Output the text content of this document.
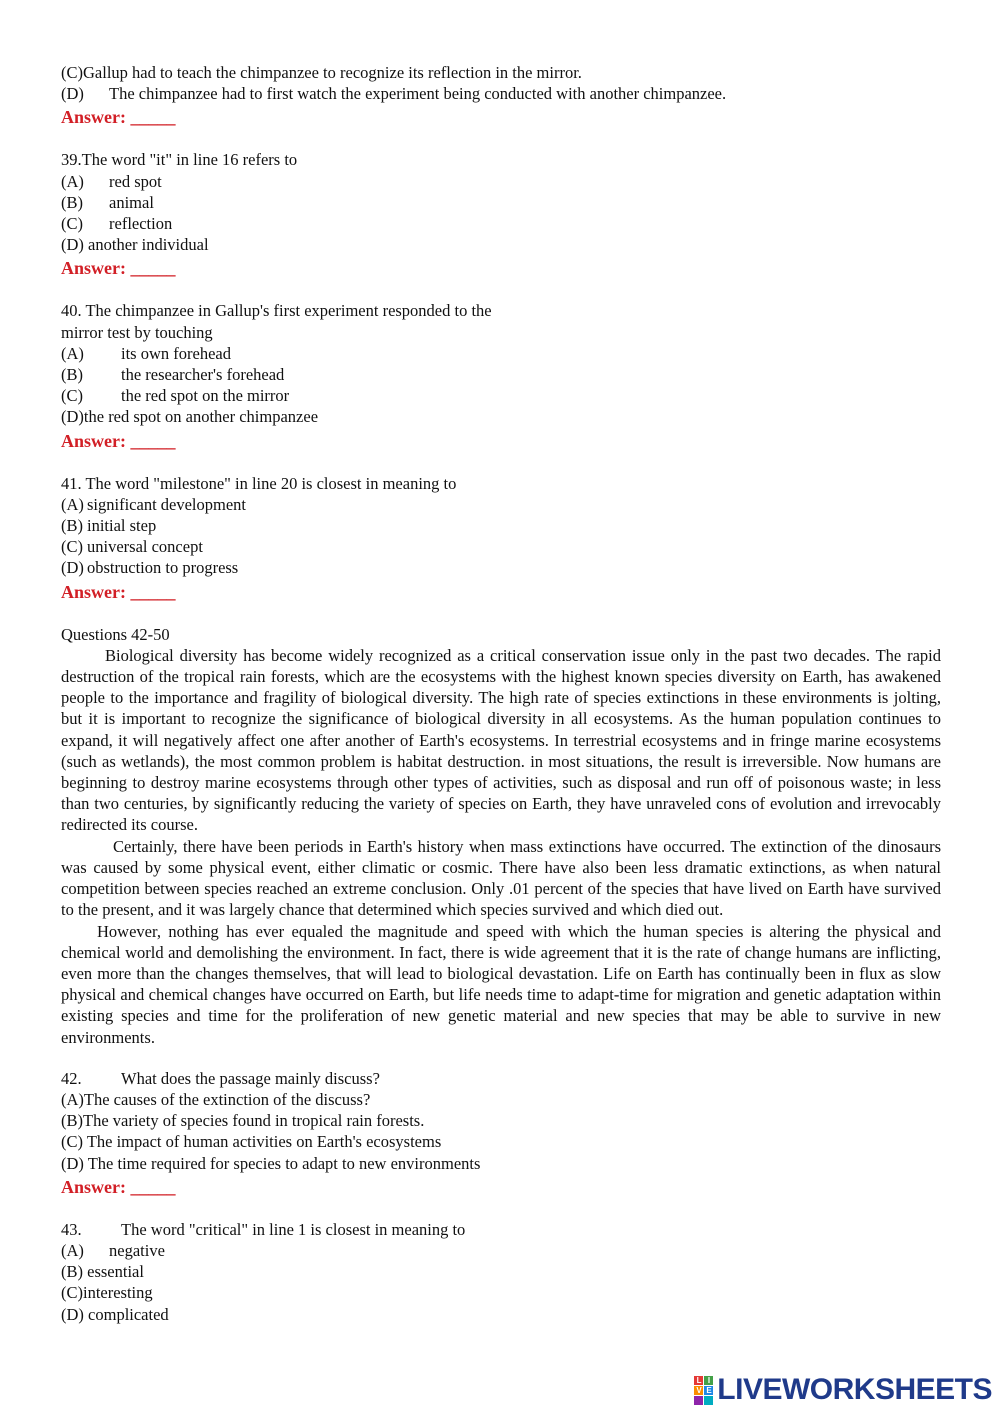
(C)Gallup had to teach the chimpanzee to recognize its reflection in the mirror.
(D)	The chimpanzee had to first watch the experiment being conducted with another chimpanzee.
Answer: _____
39.The word "it" in line 16 refers to
(A)	red spot
(B)	animal
(C)	reflection
(D) another individual
Answer: _____
40. The chimpanzee in Gallup's first experiment responded to the
mirror test by touching
(A)	its own forehead
(B)	the researcher's forehead
(C)	the red spot on the mirror
(D)the red spot on another chimpanzee
Answer: _____
41. The word "milestone" in line 20 is closest in meaning to
(A) significant development
(B) initial step
(C) universal concept
(D) obstruction to progress
Answer: _____
Questions 42-50

Biological diversity has become widely recognized as a critical conservation issue only in the past two decades. The rapid destruction of the tropical rain forests, which are the ecosystems with the highest known species diversity on Earth, has awakened people to the importance and fragility of biological diversity. The high rate of species extinctions in these environments is jolting, but it is important to recognize the significance of biological diversity in all ecosystems. As the human population continues to expand, it will negatively affect one after another of Earth's ecosystems. In terrestrial ecosystems and in fringe marine ecosystems (such as wetlands), the most common problem is habitat destruction. in most situations, the result is irreversible. Now humans are beginning to destroy marine ecosystems through other types of activities, such as disposal and run off of poisonous waste; in less than two centuries, by significantly reducing the variety of species on Earth, they have unraveled cons of evolution and irrevocably redirected its course.

Certainly, there have been periods in Earth's history when mass extinctions have occurred. The extinction of the dinosaurs was caused by some physical event, either climatic or cosmic. There have also been less dramatic extinctions, as when natural competition between species reached an extreme conclusion. Only .01 percent of the species that have lived on Earth have survived to the present, and it was largely chance that determined which species survived and which died out.

However, nothing has ever equaled the magnitude and speed with which the human species is altering the physical and chemical world and demolishing the environment. In fact, there is wide agreement that it is the rate of change humans are inflicting, even more than the changes themselves, that will lead to biological devastation. Life on Earth has continually been in flux as slow physical and chemical changes have occurred on Earth, but life needs time to adapt-time for migration and genetic adaptation within existing species and time for the proliferation of new genetic material and new species that may be able to survive in new environments.

42. What does the passage mainly discuss?
(A)The causes of the extinction of the discuss?
(B)The variety of species found in tropical rain forests.
(C) The impact of human activities on Earth's ecosystems
(D) The time required for species to adapt to new environments
Answer: _____
43. The word "critical" in line 1 is closest in meaning to
(A)	negative
(B) essential
(C)interesting
(D) complicated
L I
V E LIVEWORKSHEETS
